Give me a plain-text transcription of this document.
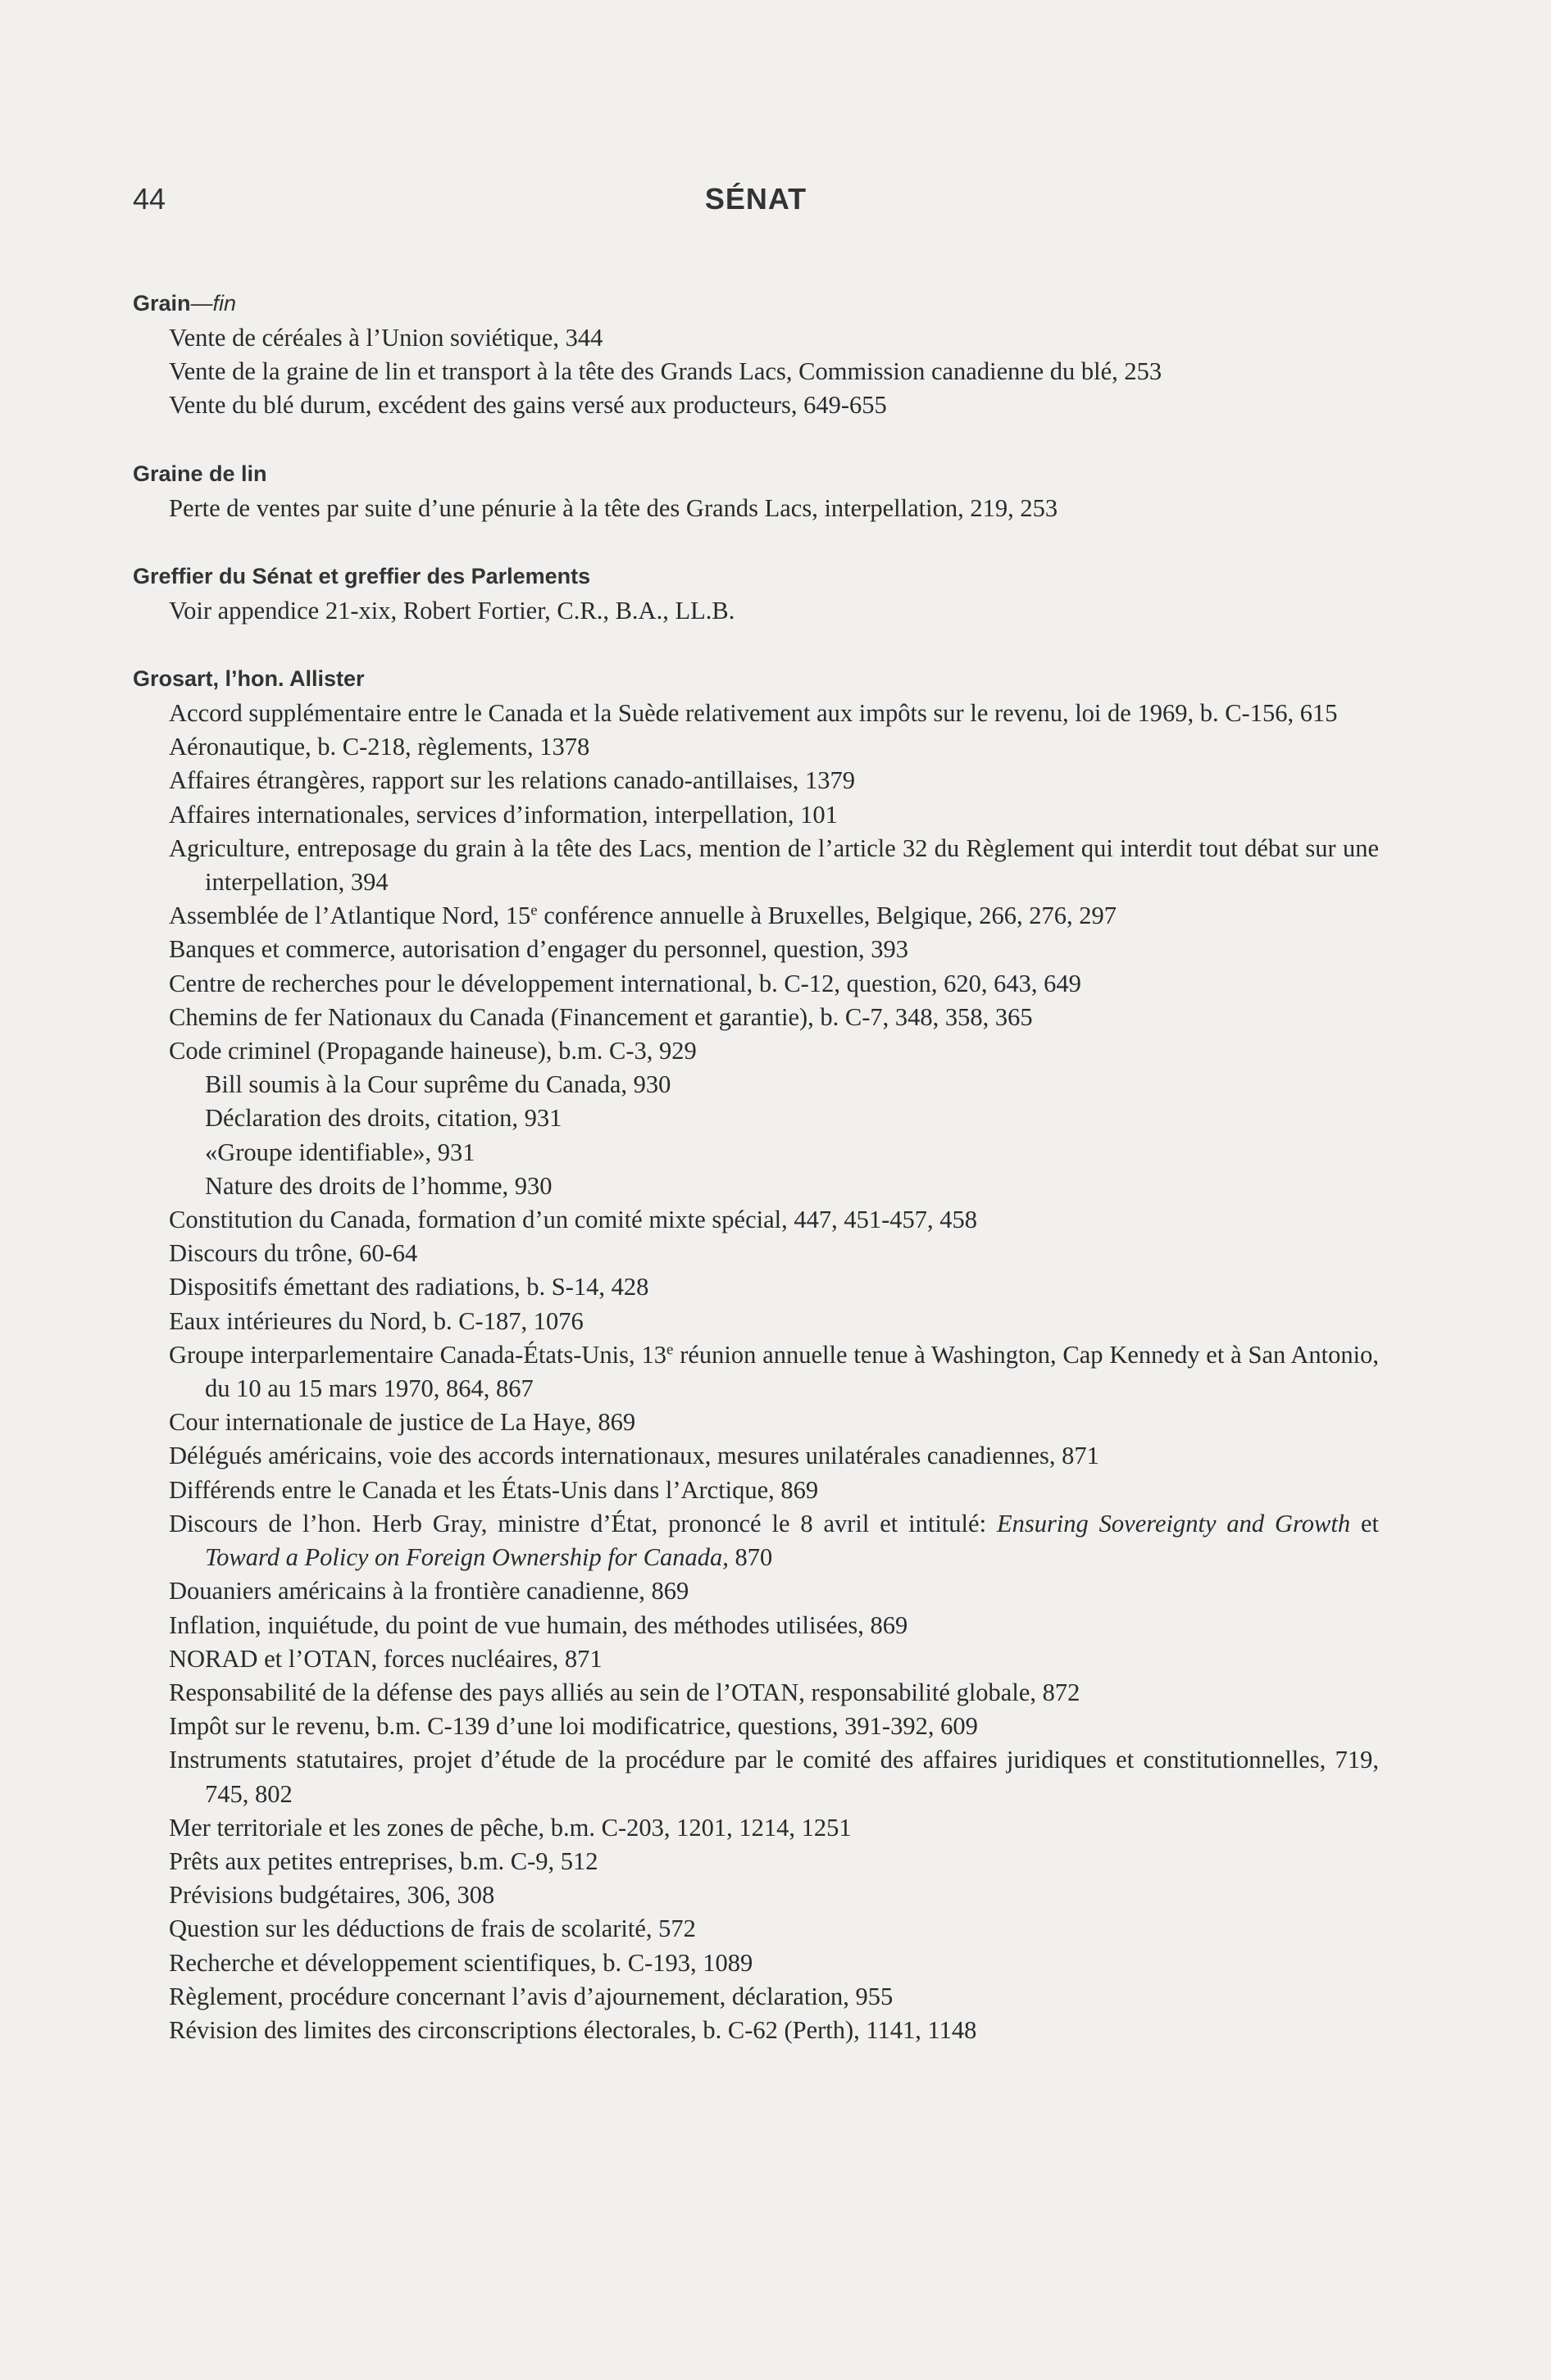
44	SÉNAT
Grain—fin
Vente de céréales à l’Union soviétique, 344
Vente de la graine de lin et transport à la tête des Grands Lacs, Commission canadienne du blé, 253
Vente du blé durum, excédent des gains versé aux producteurs, 649-655
Graine de lin
Perte de ventes par suite d’une pénurie à la tête des Grands Lacs, interpellation, 219, 253
Greffier du Sénat et greffier des Parlements
Voir appendice 21-xix, Robert Fortier, C.R., B.A., LL.B.
Grosart, l’hon. Allister
Accord supplémentaire entre le Canada et la Suède relativement aux impôts sur le revenu, loi de 1969, b. C-156, 615
Aéronautique, b. C-218, règlements, 1378
Affaires étrangères, rapport sur les relations canado-antillaises, 1379
Affaires internationales, services d’information, interpellation, 101
Agriculture, entreposage du grain à la tête des Lacs, mention de l’article 32 du Règlement qui interdit tout débat sur une interpellation, 394
Assemblée de l’Atlantique Nord, 15e conférence annuelle à Bruxelles, Belgique, 266, 276, 297
Banques et commerce, autorisation d’engager du personnel, question, 393
Centre de recherches pour le développement international, b. C-12, question, 620, 643, 649
Chemins de fer Nationaux du Canada (Financement et garantie), b. C-7, 348, 358, 365
Code criminel (Propagande haineuse), b.m. C-3, 929
Bill soumis à la Cour suprême du Canada, 930
Déclaration des droits, citation, 931
«Groupe identifiable», 931
Nature des droits de l’homme, 930
Constitution du Canada, formation d’un comité mixte spécial, 447, 451-457, 458
Discours du trône, 60-64
Dispositifs émettant des radiations, b. S-14, 428
Eaux intérieures du Nord, b. C-187, 1076
Groupe interparlementaire Canada-États-Unis, 13e réunion annuelle tenue à Washington, Cap Kennedy et à San Antonio, du 10 au 15 mars 1970, 864, 867
Cour internationale de justice de La Haye, 869
Délégués américains, voie des accords internationaux, mesures unilatérales canadiennes, 871
Différends entre le Canada et les États-Unis dans l’Arctique, 869
Discours de l’hon. Herb Gray, ministre d’État, prononcé le 8 avril et intitulé: Ensuring Sovereignty and Growth et Toward a Policy on Foreign Ownership for Canada, 870
Douaniers américains à la frontière canadienne, 869
Inflation, inquiétude, du point de vue humain, des méthodes utilisées, 869
NORAD et l’OTAN, forces nucléaires, 871
Responsabilité de la défense des pays alliés au sein de l’OTAN, responsabilité globale, 872
Impôt sur le revenu, b.m. C-139 d’une loi modificatrice, questions, 391-392, 609
Instruments statutaires, projet d’étude de la procédure par le comité des affaires juridiques et constitutionnelles, 719, 745, 802
Mer territoriale et les zones de pêche, b.m. C-203, 1201, 1214, 1251
Prêts aux petites entreprises, b.m. C-9, 512
Prévisions budgétaires, 306, 308
Question sur les déductions de frais de scolarité, 572
Recherche et développement scientifiques, b. C-193, 1089
Règlement, procédure concernant l’avis d’ajournement, déclaration, 955
Révision des limites des circonscriptions électorales, b. C-62 (Perth), 1141, 1148
